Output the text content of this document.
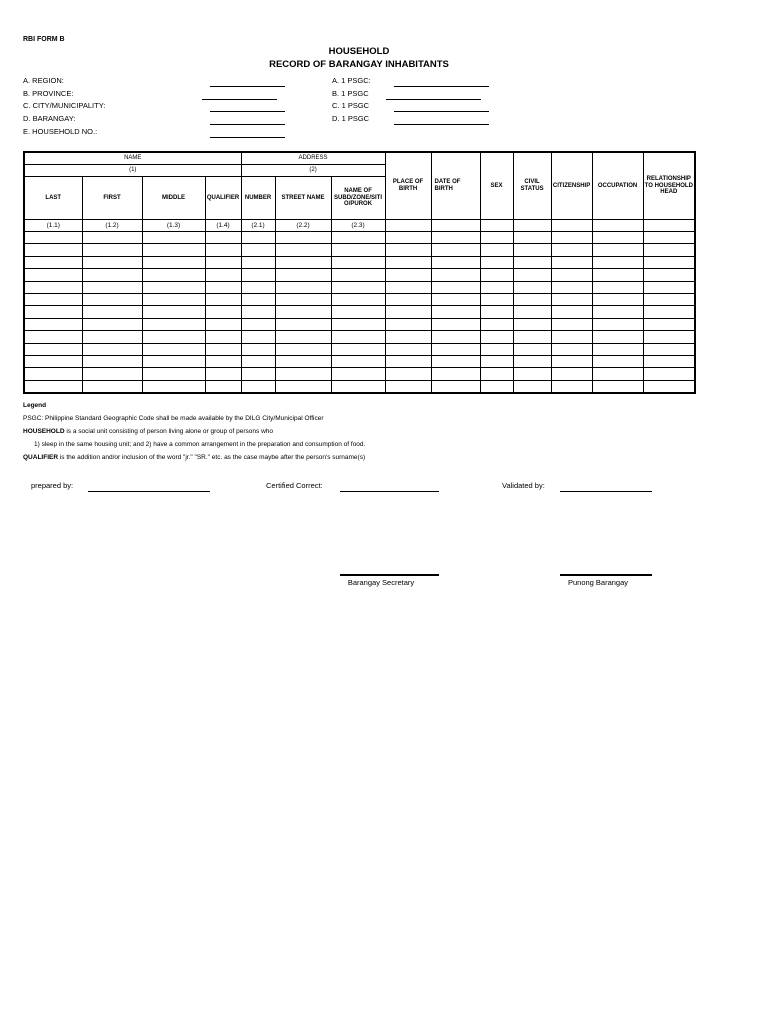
RBI FORM B
HOUSEHOLD
RECORD OF BARANGAY INHABITANTS
A. REGION:
B. PROVINCE:
C. CITY/MUNICIPALITY:
D. BARANGAY:
E. HOUSEHOLD NO.:
A. 1 PSGC:
B. 1 PSGC
C. 1 PSGC
D. 1 PSGC
NAME				ADDRESS			PLACE OF BIRTH	DATE OF BIRTH	SEX	CIVIL STATUS	CITIZENSHIP	OCCUPATION	RELATIONSHIP TO HOUSEHOLD HEAD
(1)				(2)									
LAST	FIRST	MIDDLE	QUALIFIER	NUMBER	STREET NAME	NAME OF SUBD/ZONE/SITI O/PUROK							
(1.1)	(1.2)	(1.3)	(1.4)	(2.1)	(2.2)	(2.3)							

Legend
PSGC: Philippine Standard Geographic Code shall be made available by the DILG City/Municipal Officer
HOUSEHOLD is a social unit consisting of person living alone or group of persons who
1) sleep in the same housing unit; and 2) have a common arrangement in the preparation and consumption of food.
QUALIFIER is the addition and/or inclusion of the word "jr." "SR." etc. as the case maybe after the person's surname(s)
prepared by:	Certified Correct:	Validated by:
Barangay Secretary	Punong Barangay
